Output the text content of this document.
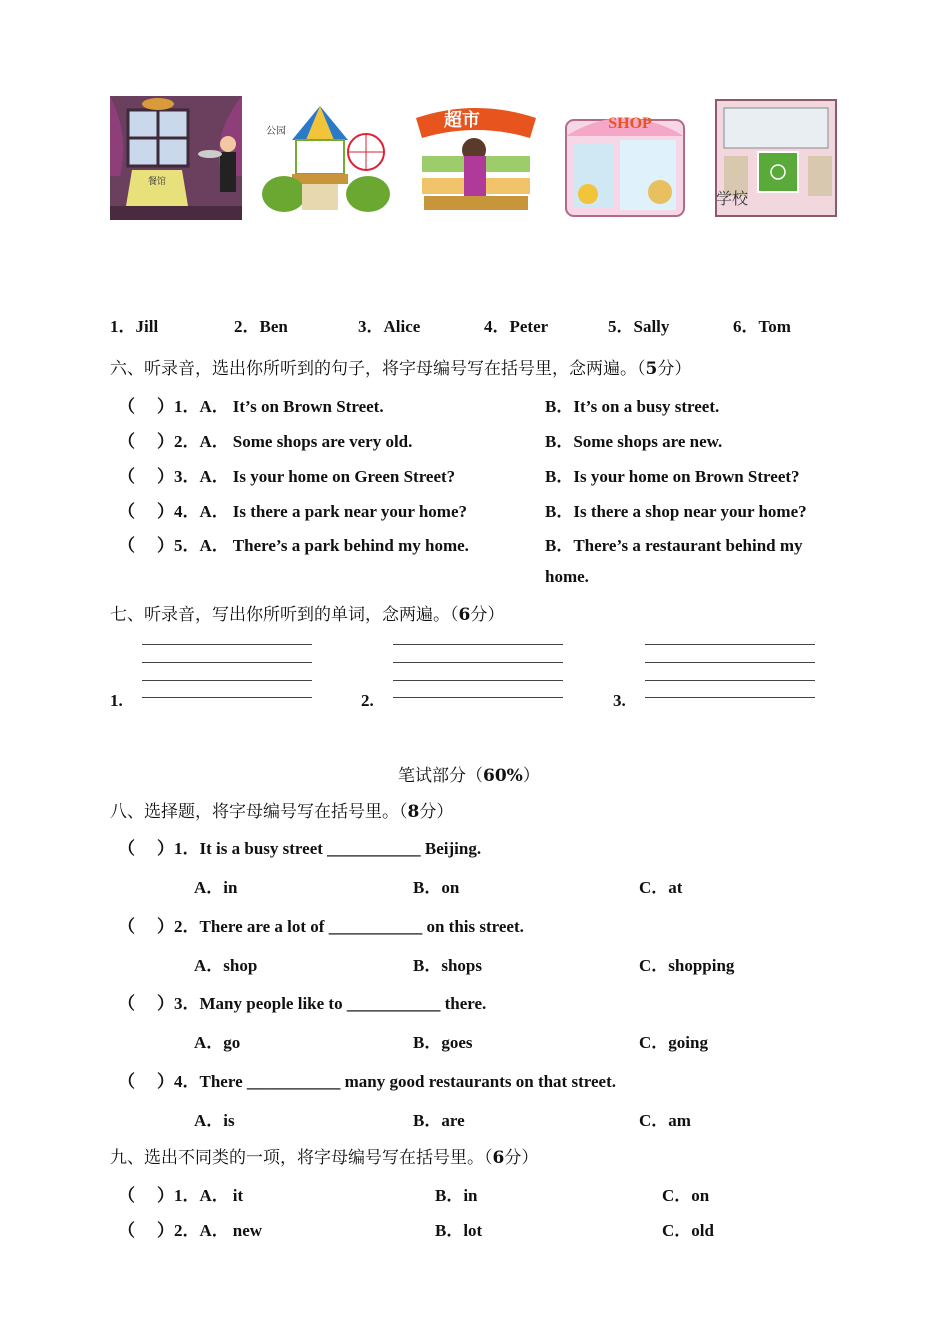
餐馆
公园
超市	SHOP
学校
1．Jill	2．Ben	3．Alice	4．Peter	5．Sally	6．Tom
六、听录音，选出你所听到的句子，将字母编号写在括号里，念两遍。（5分）
（ ）1．A． It’s on Brown Street.	B．It’s on a busy street.
（ ）2．A． Some shops are very old.	B．Some shops are new.
（ ）3．A． Is your home on Green Street?	B．Is your home on Brown Street?
（ ）4．A． Is there a park near your home?	B．Is there a shop near your home?
（ ）5．A． There’s a park behind my home.	B．There’s a restaurant behind my
home.
七、听录音，写出你所听到的单词，念两遍。（6分）
1.	2.	3.
笔试部分（60%）
八、选择题，将字母编号写在括号里。（8分）
（ ）1．It is a busy street ___________ Beijing.
A．in	B．on	C．at
（ ）2．There are a lot of ___________ on this street.
A．shop	B．shops	C．shopping
（ ）3．Many people like to ___________ there.
A．go	B．goes	C．going
（ ）4．There ___________ many good restaurants on that street.
A．is	B．are	C．am
九、选出不同类的一项，将字母编号写在括号里。（6分）
（ ）1．A． it	B．in	C．on
（ ）2．A． new	B．lot	C．old
